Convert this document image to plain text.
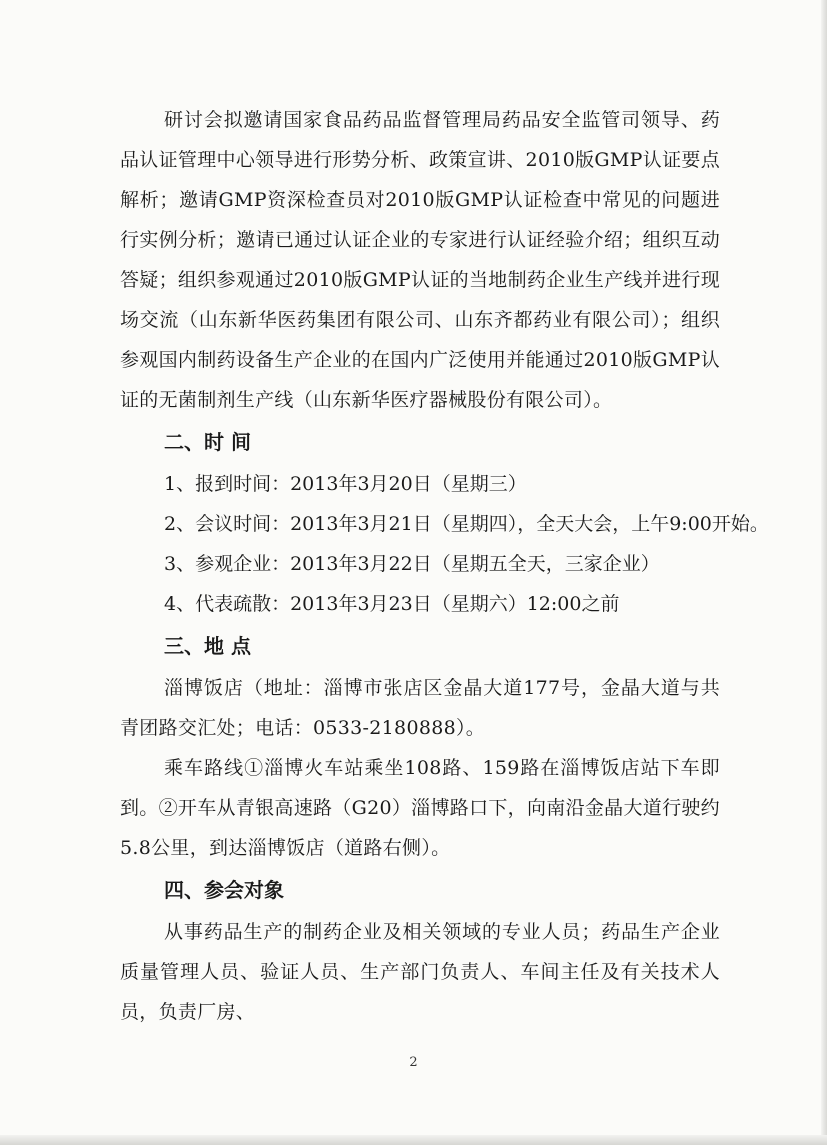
研讨会拟邀请国家食品药品监督管理局药品安全监管司领导、药品认证管理中心领导进行形势分析、政策宣讲、2010版GMP认证要点解析；邀请GMP资深检查员对2010版GMP认证检查中常见的问题进行实例分析；邀请已通过认证企业的专家进行认证经验介绍；组织互动答疑；组织参观通过2010版GMP认证的当地制药企业生产线并进行现场交流（山东新华医药集团有限公司、山东齐都药业有限公司）；组织参观国内制药设备生产企业的在国内广泛使用并能通过2010版GMP认证的无菌制剂生产线（山东新华医疗器械股份有限公司）。

二、时 间

1、报到时间：2013年3月20日（星期三）

2、会议时间：2013年3月21日（星期四），全天大会，上午9:00开始。

3、参观企业：2013年3月22日（星期五全天，三家企业）

4、代表疏散：2013年3月23日（星期六）12:00之前

三、地 点

淄博饭店（地址：淄博市张店区金晶大道177号，金晶大道与共青团路交汇处；电话：0533-2180888）。

乘车路线①淄博火车站乘坐108路、159路在淄博饭店站下车即到。②开车从青银高速路（G20）淄博路口下，向南沿金晶大道行驶约5.8公里，到达淄博饭店（道路右侧）。

四、参会对象

从事药品生产的制药企业及相关领域的专业人员；药品生产企业质量管理人员、验证人员、生产部门负责人、车间主任及有关技术人员，负责厂房、

2
